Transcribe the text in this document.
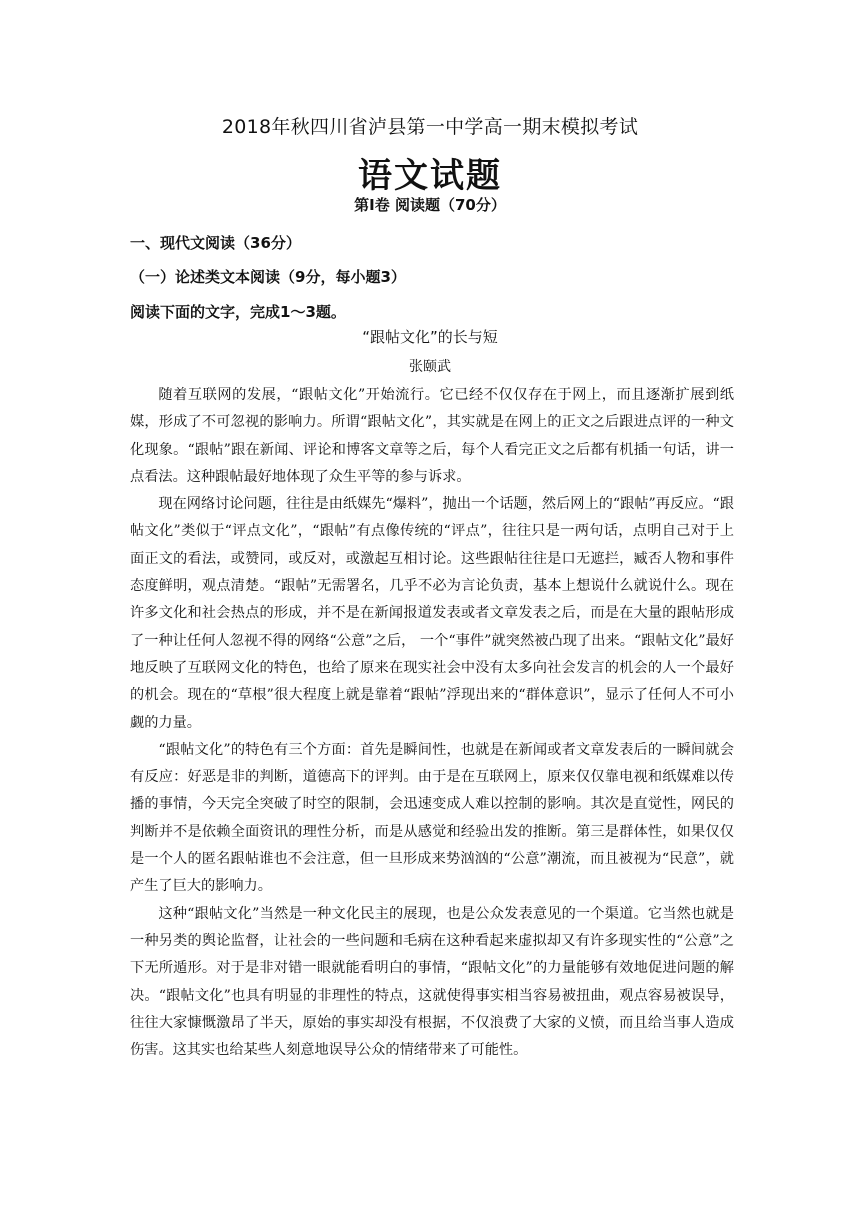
2018年秋四川省泸县第一中学高一期末模拟考试
语文试题
第Ⅰ卷 阅读题（70分）
一、现代文阅读（36分）
（一）论述类文本阅读（9分，每小题3）
阅读下面的文字，完成1～3题。
“跟帖文化”的长与短
张颐武

随着互联网的发展，“跟帖文化”开始流行。它已经不仅仅存在于网上，而且逐渐扩展到纸媒，形成了不可忽视的影响力。所谓“跟帖文化”，其实就是在网上的正文之后跟进点评的一种文化现象。“跟帖”跟在新闻、评论和博客文章等之后，每个人看完正文之后都有机插一句话，讲一点看法。这种跟帖最好地体现了众生平等的参与诉求。

现在网络讨论问题，往往是由纸媒先“爆料”，抛出一个话题，然后网上的“跟帖”再反应。“跟帖文化”类似于“评点文化”，“跟帖”有点像传统的“评点”，往往只是一两句话，点明自己对于上面正文的看法，或赞同，或反对，或激起互相讨论。这些跟帖往往是口无遮拦，臧否人物和事件态度鲜明，观点清楚。“跟帖”无需署名，几乎不必为言论负责，基本上想说什么就说什么。现在许多文化和社会热点的形成，并不是在新闻报道发表或者文章发表之后，而是在大量的跟帖形成了一种让任何人忽视不得的网络“公意”之后， 一个“事件”就突然被凸现了出来。“跟帖文化”最好地反映了互联网文化的特色，也给了原来在现实社会中没有太多向社会发言的机会的人一个最好的机会。现在的“草根”很大程度上就是靠着“跟帖”浮现出来的“群体意识”，显示了任何人不可小觑的力量。

“跟帖文化”的特色有三个方面：首先是瞬间性，也就是在新闻或者文章发表后的一瞬间就会有反应：好恶是非的判断，道德高下的评判。由于是在互联网上，原来仅仅靠电视和纸媒难以传播的事情，今天完全突破了时空的限制，会迅速变成人难以控制的影响。其次是直觉性，网民的判断并不是依赖全面资讯的理性分析，而是从感觉和经验出发的推断。第三是群体性，如果仅仅是一个人的匿名跟帖谁也不会注意，但一旦形成来势汹汹的“公意”潮流，而且被视为“民意”，就产生了巨大的影响力。

这种“跟帖文化”当然是一种文化民主的展现，也是公众发表意见的一个渠道。它当然也就是一种另类的舆论监督，让社会的一些问题和毛病在这种看起来虚拟却又有许多现实性的“公意”之下无所遁形。对于是非对错一眼就能看明白的事情，“跟帖文化”的力量能够有效地促进问题的解决。“跟帖文化”也具有明显的非理性的特点，这就使得事实相当容易被扭曲，观点容易被误导，往往大家慷慨激昂了半天，原始的事实却没有根据，不仅浪费了大家的义愤，而且给当事人造成伤害。这其实也给某些人刻意地误导公众的情绪带来了可能性。
